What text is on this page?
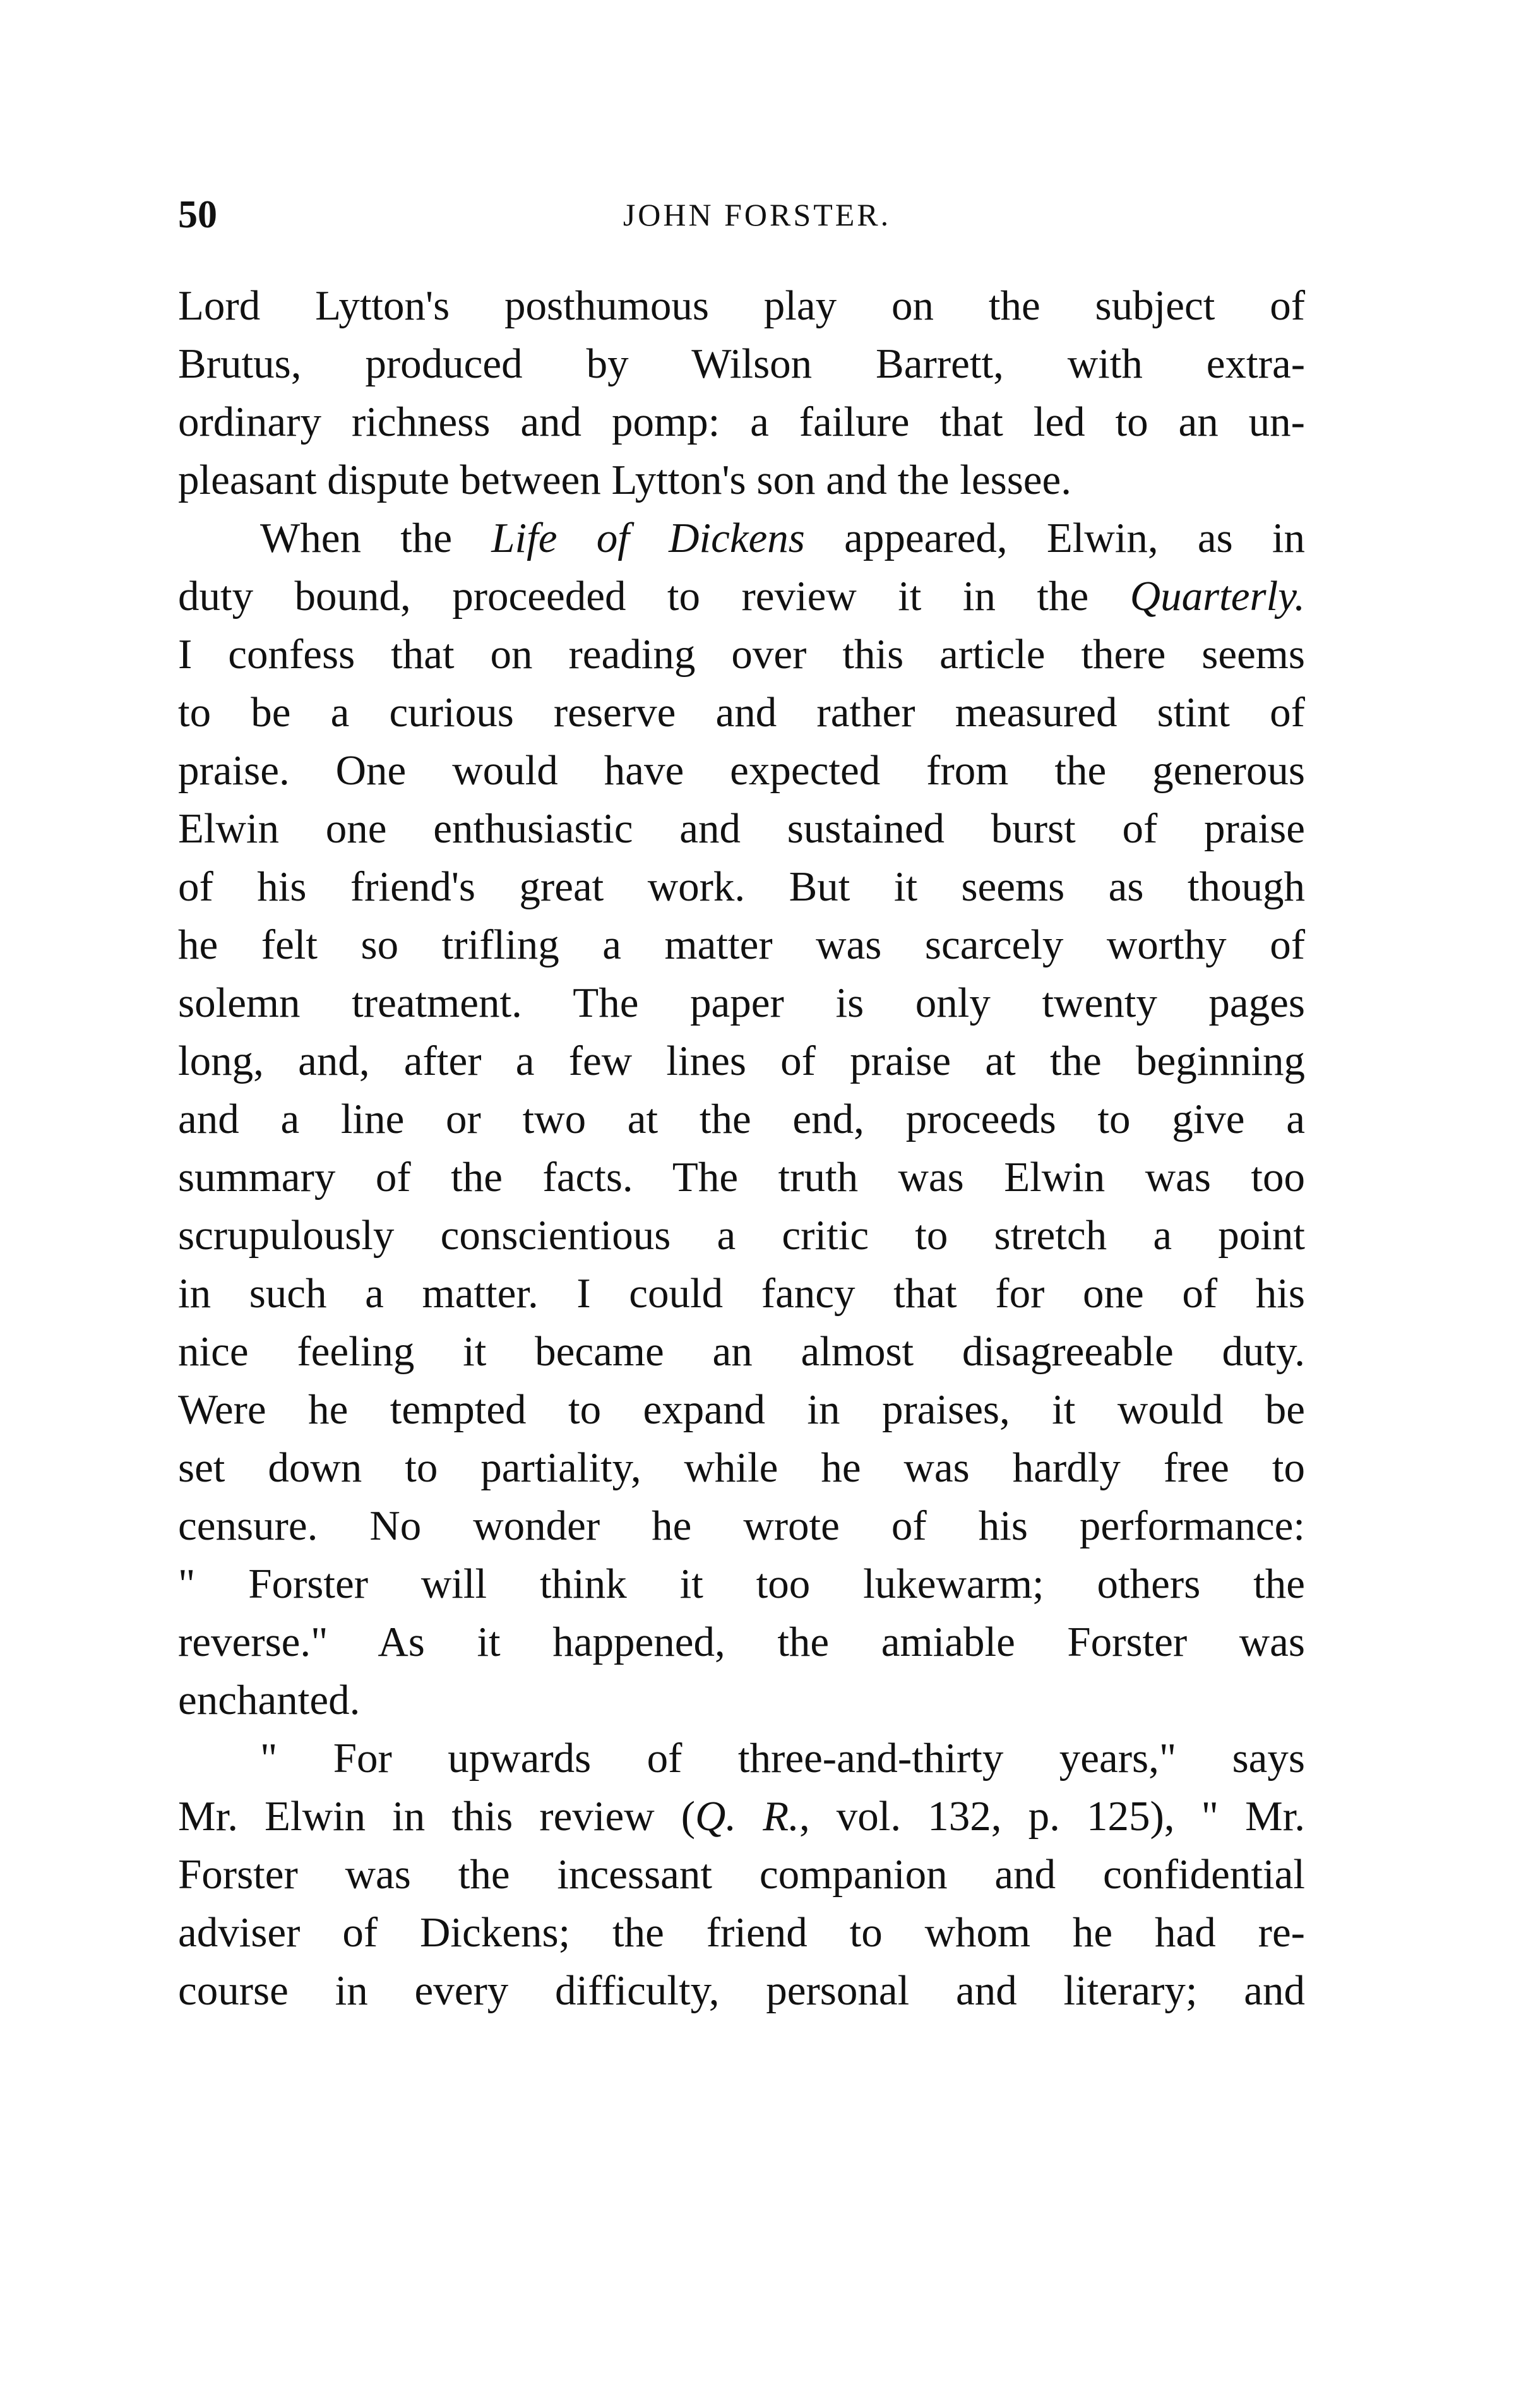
50	JOHN FORSTER.
Lord Lytton's posthumous play on the subject of
Brutus, produced by Wilson Barrett, with extra-
ordinary richness and pomp: a failure that led to an un-
pleasant dispute between Lytton's son and the lessee.
When the Life of Dickens appeared, Elwin, as in
duty bound, proceeded to review it in the Quarterly.
I confess that on reading over this article there seems
to be a curious reserve and rather measured stint of
praise. One would have expected from the generous
Elwin one enthusiastic and sustained burst of praise
of his friend's great work. But it seems as though
he felt so trifling a matter was scarcely worthy of
solemn treatment. The paper is only twenty pages
long, and, after a few lines of praise at the beginning
and a line or two at the end, proceeds to give a
summary of the facts. The truth was Elwin was too
scrupulously conscientious a critic to stretch a point
in such a matter. I could fancy that for one of his
nice feeling it became an almost disagreeable duty.
Were he tempted to expand in praises, it would be
set down to partiality, while he was hardly free to
censure. No wonder he wrote of his performance:
" Forster will think it too lukewarm; others the
reverse." As it happened, the amiable Forster was
enchanted.
" For upwards of three-and-thirty years," says
Mr. Elwin in this review (Q. R., vol. 132, p. 125), " Mr.
Forster was the incessant companion and confidential
adviser of Dickens; the friend to whom he had re-
course in every difficulty, personal and literary; and
